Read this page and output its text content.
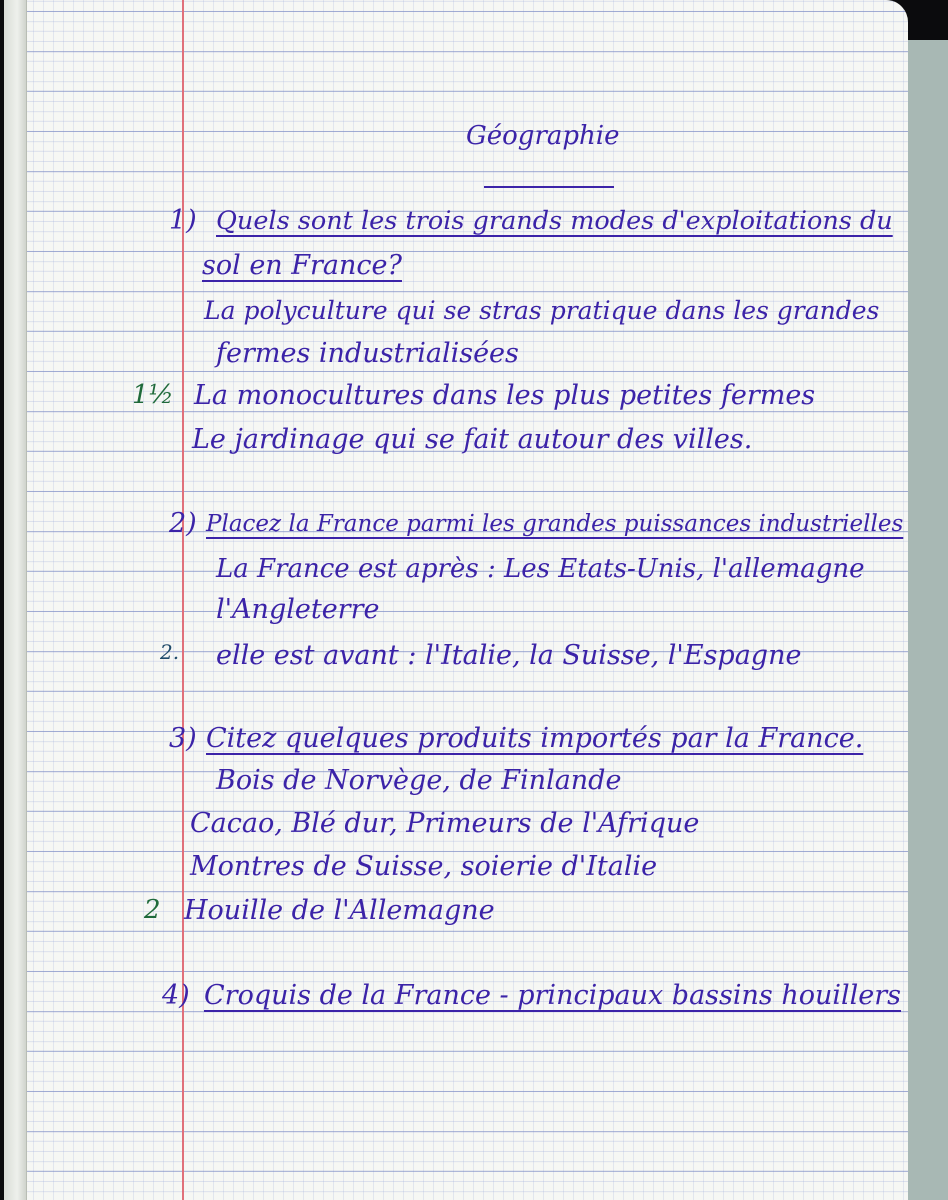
Géographie
1) Quels sont les trois grands modes d'exploitations du
sol en France?
La polyculture qui se stras pratique dans les grandes
fermes industrialisées
1½ La monocultures dans les plus petites fermes
Le jardinage qui se fait autour des villes.
2) Placez la France parmi les grandes puissances industrielles
La France est après : Les Etats-Unis, l'allemagne
l'Angleterre
2. elle est avant : l'Italie, la Suisse, l'Espagne
3) Citez quelques produits importés par la France.
Bois de Norvège, de Finlande
Cacao, Blé dur, Primeurs de l'Afrique
Montres de Suisse, soierie d'Italie
2 Houille de l'Allemagne
4) Croquis de la France - principaux bassins houillers
